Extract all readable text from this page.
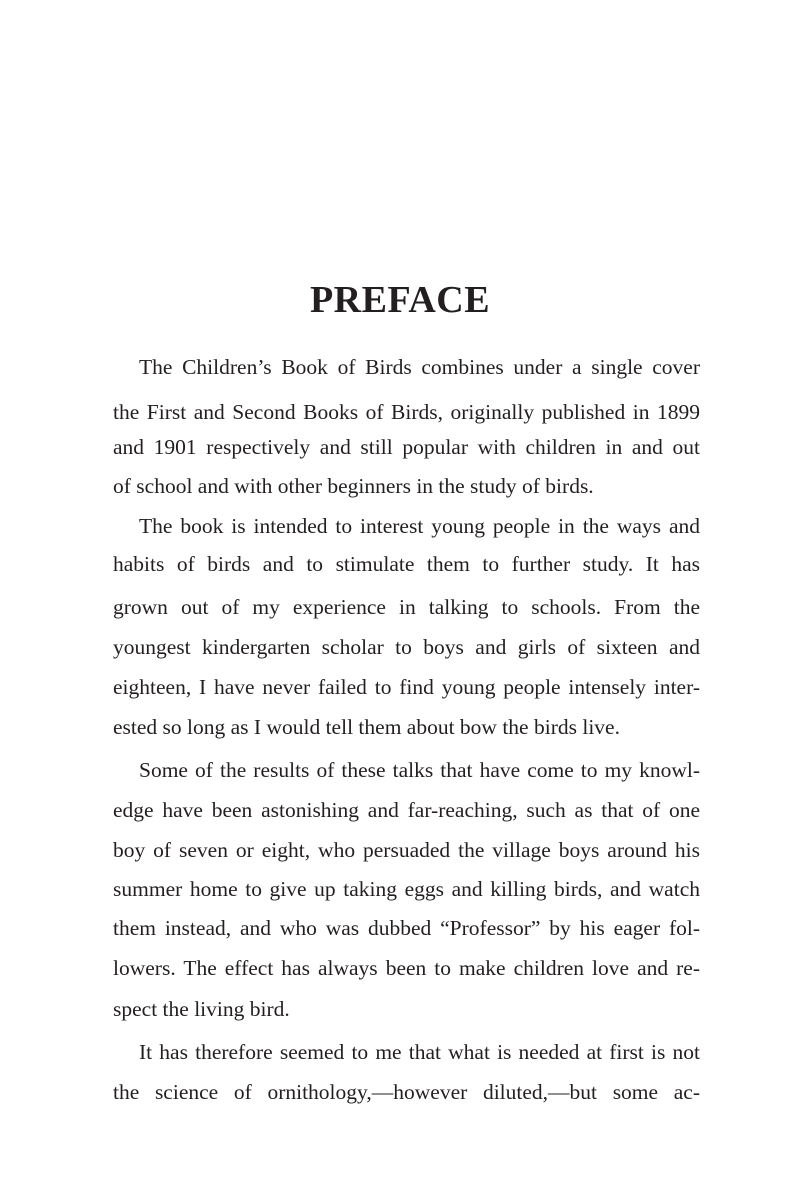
PREFACE
The Children’s Book of Birds combines under a single cover
the First and Second Books of Birds, originally published in 1899
and 1901 respectively and still popular with children in and out
of school and with other beginners in the study of birds.
The book is intended to interest young people in the ways and
habits of birds and to stimulate them to further study. It has
grown out of my experience in talking to schools. From the
youngest kindergarten scholar to boys and girls of sixteen and
eighteen, I have never failed to find young people intensely inter-
ested so long as I would tell them about bow the birds live.
Some of the results of these talks that have come to my knowl-
edge have been astonishing and far-reaching, such as that of one
boy of seven or eight, who persuaded the village boys around his
summer home to give up taking eggs and killing birds, and watch
them instead, and who was dubbed “Professor” by his eager fol-
lowers. The effect has always been to make children love and re-
spect the living bird.
It has therefore seemed to me that what is needed at first is not
the science of ornithology,—however diluted,—but some ac-
